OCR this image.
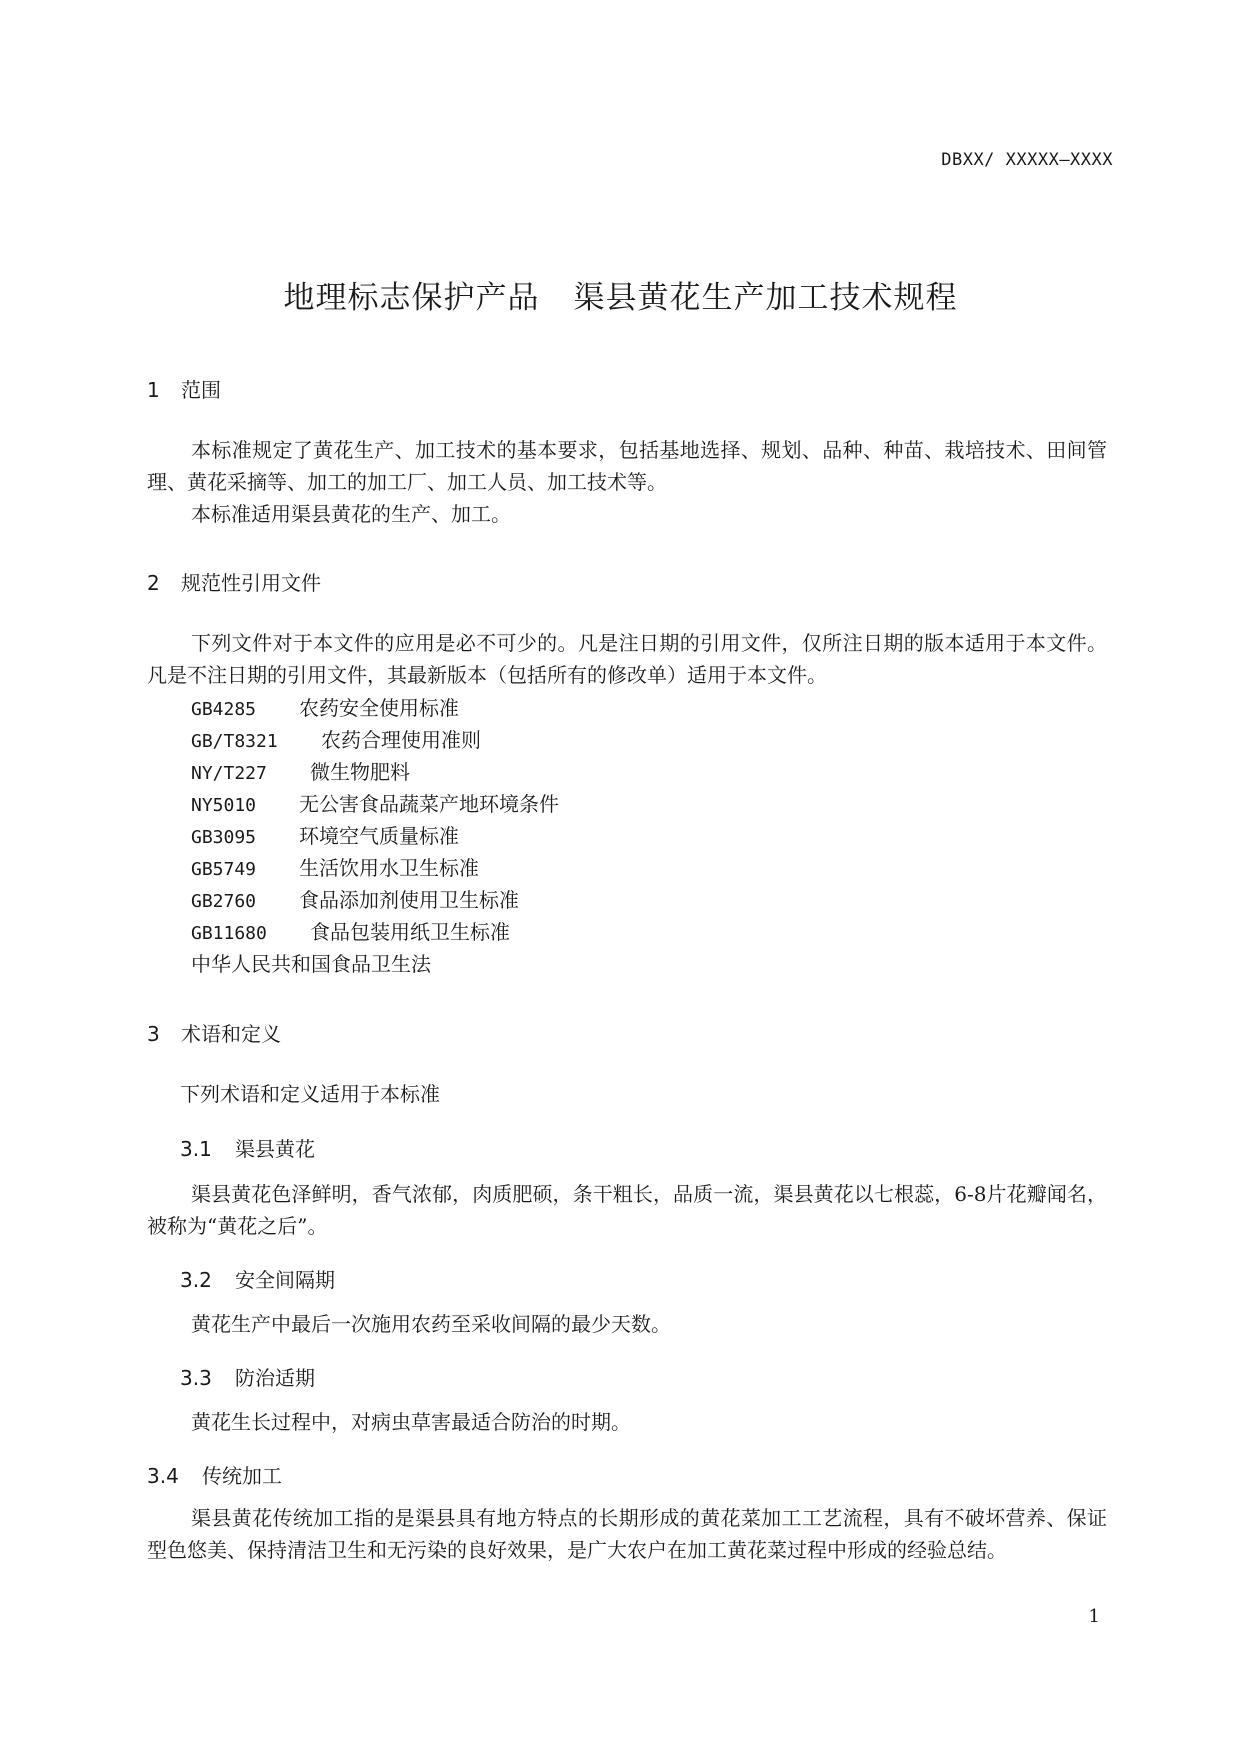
DBXX/ XXXXX—XXXX
地理标志保护产品 渠县黄花生产加工技术规程
1 范围
本标准规定了黄花生产、加工技术的基本要求，包括基地选择、规划、品种、种苗、栽培技术、田间管理、黄花采摘等、加工的加工厂、加工人员、加工技术等。
本标准适用渠县黄花的生产、加工。
2 规范性引用文件
下列文件对于本文件的应用是必不可少的。凡是注日期的引用文件，仅所注日期的版本适用于本文件。凡是不注日期的引用文件，其最新版本（包括所有的修改单）适用于本文件。
GB4285 农药安全使用标准
GB/T8321 农药合理使用准则
NY/T227 微生物肥料
NY5010 无公害食品蔬菜产地环境条件
GB3095 环境空气质量标准
GB5749 生活饮用水卫生标准
GB2760 食品添加剂使用卫生标准
GB11680 食品包装用纸卫生标准
中华人民共和国食品卫生法
3 术语和定义
下列术语和定义适用于本标准
3.1 渠县黄花
渠县黄花色泽鲜明，香气浓郁，肉质肥硕，条干粗长，品质一流，渠县黄花以七根蕊，6-8片花瓣闻名，被称为“黄花之后”。
3.2 安全间隔期
黄花生产中最后一次施用农药至采收间隔的最少天数。
3.3 防治适期
黄花生长过程中，对病虫草害最适合防治的时期。
3.4 传统加工
渠县黄花传统加工指的是渠县具有地方特点的长期形成的黄花菜加工工艺流程，具有不破坏营养、保证型色悠美、保持清洁卫生和无污染的良好效果，是广大农户在加工黄花菜过程中形成的经验总结。
1
